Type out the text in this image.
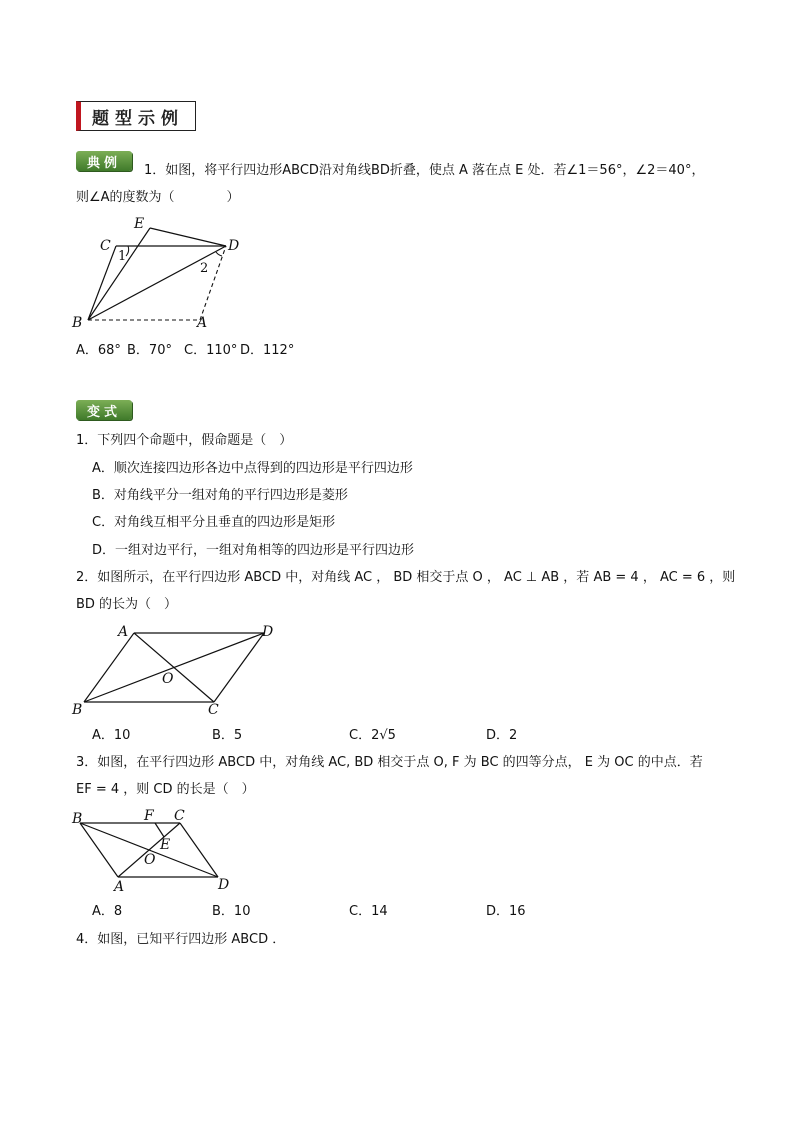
题型示例
典例	1．如图，将平行四边形ABCD沿对角线BD折叠，使点 A 落在点 E 处．若∠1＝56°，∠2＝40°，
则∠A的度数为（　　　　）
E
C	D
B	A
1
2
A．68° B．70° C．110° D．112°
变式
1．下列四个命题中，假命题是（　）
A．顺次连接四边形各边中点得到的四边形是平行四边形
B．对角线平分一组对角的平行四边形是菱形
C．对角线互相平分且垂直的四边形是矩形
D．一组对边平行，一组对角相等的四边形是平行四边形
2．如图所示，在平行四边形 ABCD 中，对角线 AC ， BD 相交于点 O ， AC ⊥ AB ，若 AB = 4 ， AC = 6 ，则
BD 的长为（　）
A	D
O
B	C
A．10	B．5	C．2√5	D．2
3．如图，在平行四边形 ABCD 中，对角线 AC, BD 相交于点 O, F 为 BC 的四等分点， E 为 OC 的中点．若
EF = 4 ，则 CD 的长是（　）
B	F C
E
O
A	D
A．8	B．10	C．14	D．16
4．如图，已知平行四边形 ABCD ．
